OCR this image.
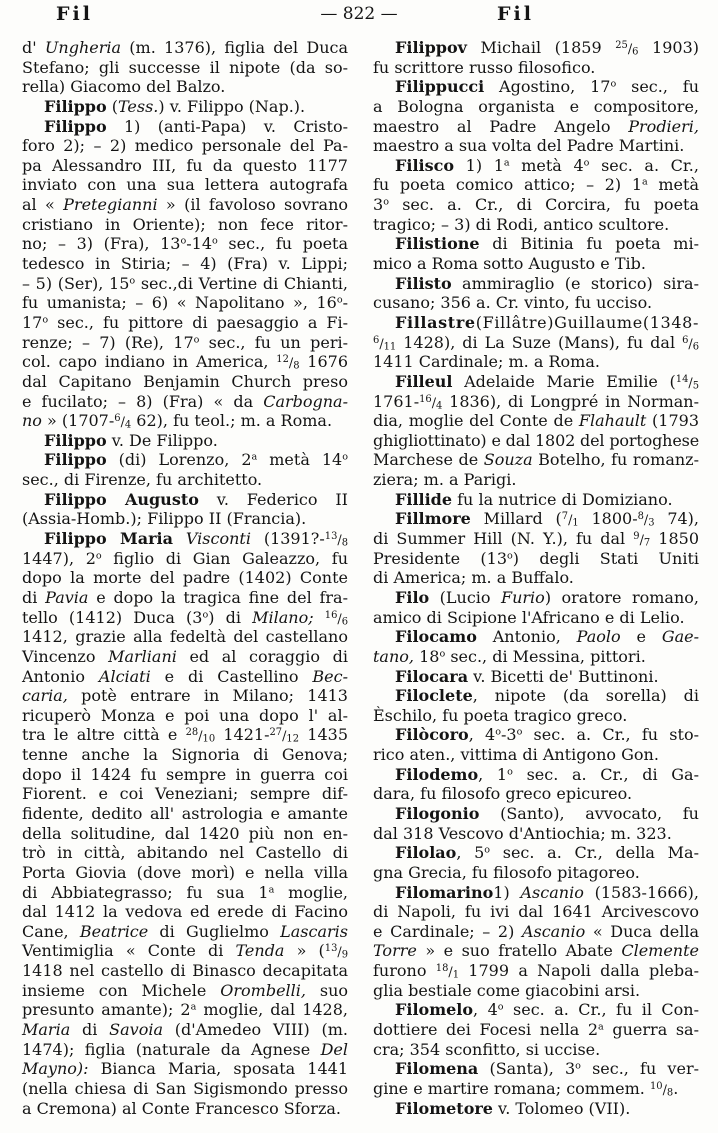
Fil	— 822 —	Fil
d' Ungheria (m. 1376), figlia del Duca
Stefano; gli successe il nipote (da so-
rella) Giacomo del Balzo.
Filippo (Tess.) v. Filippo (Nap.).
Filippo 1) (anti-Papa) v. Cristo-
foro 2); – 2) medico personale del Pa-
pa Alessandro III, fu da questo 1177
inviato con una sua lettera autografa
al « Pretegianni » (il favoloso sovrano
cristiano in Oriente); non fece ritor-
no; – 3) (Fra), 13$^o$-14$^o$ sec., fu poeta
tedesco in Stiria; – 4) (Fra) v. Lippi;
– 5) (Ser), 15$^o$ sec.,di Vertine di Chianti,
fu umanista; – 6) « Napolitano », 16$^o$-
17$^o$ sec., fu pittore di paesaggio a Fi-
renze; – 7) (Re), 17$^o$ sec., fu un peri-
col. capo indiano in America, $^{12}/_8$ 1676
dal Capitano Benjamin Church preso
e fucilato; – 8) (Fra) « da Carbogna-
no » ($1707-^6/_4$ 62), fu teol.; m. a Roma.
Filippo v. De Filippo.
Filippo (di) Lorenzo, 2$^a$ metà 14$^o$
sec., di Firenze, fu architetto.
Filippo Augusto v. Federico II
(Assia-Homb.); Filippo II (Francia).
Filippo Maria Visconti ($1391?-^{13}/_8$
1447), 2$^o$ figlio di Gian Galeazzo, fu
dopo la morte del padre (1402) Conte
di Pavia e dopo la tragica fine del fra-
tello (1412) Duca (3$^o$) di Milano; $^{16}/_6$
1412, grazie alla fedeltà del castellano
Vincenzo Marliani ed al coraggio di
Antonio Alciati e di Castellino Bec-
caria, potè entrare in Milano; 1413
ricuperò Monza e poi una dopo l' al-
tra le altre città e $^{28}/_{10}$ $1421-^{27}/_{12}$ 1435
tenne anche la Signoria di Genova;
dopo il 1424 fu sempre in guerra coi
Fiorent. e coi Veneziani; sempre dif-
fidente, dedito all' astrologia e amante
della solitudine, dal 1420 più non en-
trò in città, abitando nel Castello di
Porta Giovia (dove morì) e nella villa
di Abbiategrasso; fu sua 1$^a$ moglie,
dal 1412 la vedova ed erede di Facino
Cane, Beatrice di Guglielmo Lascaris
Ventimiglia « Conte di Tenda » ($^{13}/_9$
1418 nel castello di Binasco decapitata
insieme con Michele Orombelli, suo
presunto amante); 2$^a$ moglie, dal 1428,
Maria di Savoia (d'Amedeo VIII) (m.
1474); figlia (naturale da Agnese Del
Mayno): Bianca Maria, sposata 1441
(nella chiesa di San Sigismondo presso
a Cremona) al Conte Francesco Sforza.
Filippov Michail (1859 $^{25}/_6$ 1903)
fu scrittore russo filosofico.
Filippucci Agostino, 17$^o$ sec., fu
a Bologna organista e compositore,
maestro al Padre Angelo Prodieri,
maestro a sua volta del Padre Martini.
Filisco 1) 1$^a$ metà 4$^o$ sec. a. Cr.,
fu poeta comico attico; – 2) 1$^a$ metà
3$^o$ sec. a. Cr., di Corcira, fu poeta
tragico; – 3) di Rodi, antico scultore.
Filistione di Bitinia fu poeta mi-
mico a Roma sotto Augusto e Tib.
Filisto ammiraglio (e storico) sira-
cusano; 356 a. Cr. vinto, fu ucciso.
Fillastre(Fillâtre)Guillaume(1348-
$^6/_{11}$ 1428), di La Suze (Mans), fu dal $^6/_6$
1411 Cardinale; m. a Roma.
Filleul Adelaide Marie Emilie ($^{14}/_5$
$1761-^{16}/_4$ 1836), di Longpré in Norman-
dia, moglie del Conte de Flahault (1793
ghigliottinato) e dal 1802 del portoghese
Marchese de Souza Botelho, fu romanz-
ziera; m. a Parigi.
Fillide fu la nutrice di Domiziano.
Fillmore Millard ($^7/_1$ $1800-^8/_3$ 74),
di Summer Hill (N. Y.), fu dal $^9/_7$ 1850
Presidente (13$^o$) degli Stati Uniti
di America; m. a Buffalo.
Filo (Lucio Furio) oratore romano,
amico di Scipione l'Africano e di Lelio.
Filocamo Antonio, Paolo e Gae-
tano, 18$^o$ sec., di Messina, pittori.
Filocara v. Bicetti de' Buttinoni.
Filoclete, nipote (da sorella) di
Èschilo, fu poeta tragico greco.
Filòcoro, 4$^o$-3$^o$ sec. a. Cr., fu sto-
rico aten., vittima di Antigono Gon.
Filodemo, 1$^o$ sec. a. Cr., di Ga-
dara, fu filosofo greco epicureo.
Filogonio (Santo), avvocato, fu
dal 318 Vescovo d'Antiochia; m. 323.
Filolao, 5$^o$ sec. a. Cr., della Ma-
gna Grecia, fu filosofo pitagoreo.
Filomarino1) Ascanio (1583-1666),
di Napoli, fu ivi dal 1641 Arcivescovo
e Cardinale; – 2) Ascanio « Duca della
Torre » e suo fratello Abate Clemente
furono $^{18}/_1$ 1799 a Napoli dalla pleba-
glia bestiale come giacobini arsi.
Filomelo, 4$^o$ sec. a. Cr., fu il Con-
dottiere dei Focesi nella 2$^a$ guerra sa-
cra; 354 sconfitto, si uccise.
Filomena (Santa), 3$^o$ sec., fu ver-
gine e martire romana; commem. $^{10}/_8$.
Filometore v. Tolomeo (VII).
